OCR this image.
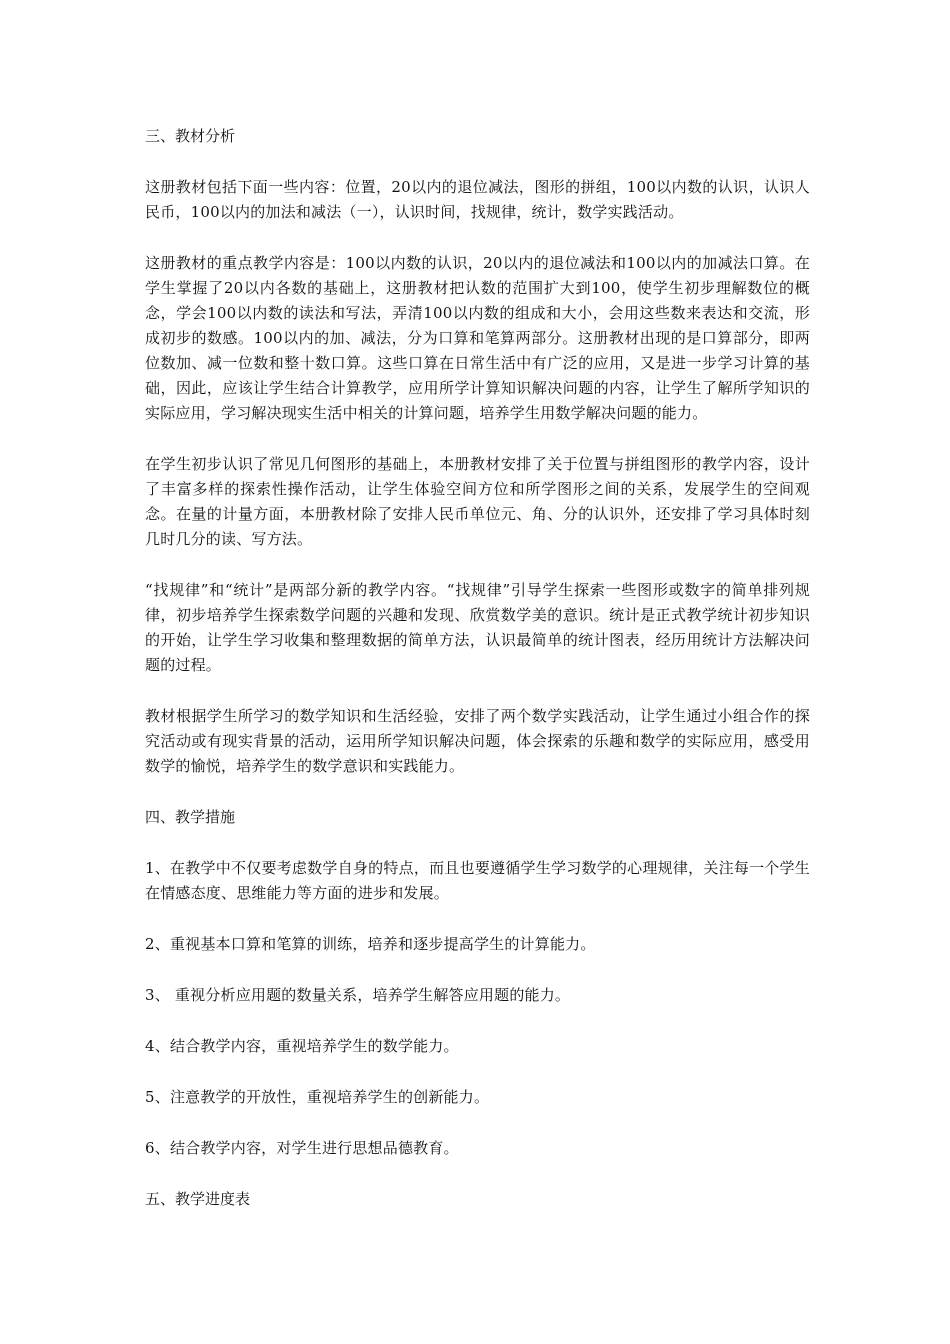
三、教材分析

这册教材包括下面一些内容：位置，20以内的退位减法，图形的拼组，100以内数的认识，认识人民币，100以内的加法和减法（一），认识时间，找规律，统计，数学实践活动。

这册教材的重点教学内容是：100以内数的认识，20以内的退位减法和100以内的加减法口算。在学生掌握了20以内各数的基础上，这册教材把认数的范围扩大到100，使学生初步理解数位的概念，学会100以内数的读法和写法，弄清100以内数的组成和大小，会用这些数来表达和交流，形成初步的数感。100以内的加、减法，分为口算和笔算两部分。这册教材出现的是口算部分，即两位数加、减一位数和整十数口算。这些口算在日常生活中有广泛的应用，又是进一步学习计算的基础，因此，应该让学生结合计算教学，应用所学计算知识解决问题的内容，让学生了解所学知识的实际应用，学习解决现实生活中相关的计算问题，培养学生用数学解决问题的能力。

在学生初步认识了常见几何图形的基础上，本册教材安排了关于位置与拼组图形的教学内容，设计了丰富多样的探索性操作活动，让学生体验空间方位和所学图形之间的关系，发展学生的空间观念。在量的计量方面，本册教材除了安排人民币单位元、角、分的认识外，还安排了学习具体时刻几时几分的读、写方法。

“找规律”和“统计”是两部分新的教学内容。“找规律”引导学生探索一些图形或数字的简单排列规律，初步培养学生探索数学问题的兴趣和发现、欣赏数学美的意识。统计是正式教学统计初步知识的开始，让学生学习收集和整理数据的简单方法，认识最简单的统计图表，经历用统计方法解决问题的过程。

教材根据学生所学习的数学知识和生活经验，安排了两个数学实践活动，让学生通过小组合作的探究活动或有现实背景的活动，运用所学知识解决问题，体会探索的乐趣和数学的实际应用，感受用数学的愉悦，培养学生的数学意识和实践能力。

四、教学措施

1、在教学中不仅要考虑数学自身的特点，而且也要遵循学生学习数学的心理规律，关注每一个学生在情感态度、思维能力等方面的进步和发展。

2、重视基本口算和笔算的训练，培养和逐步提高学生的计算能力。

3、 重视分析应用题的数量关系，培养学生解答应用题的能力。

4、结合教学内容，重视培养学生的数学能力。

5、注意教学的开放性，重视培养学生的创新能力。

6、结合教学内容，对学生进行思想品德教育。

五、教学进度表
